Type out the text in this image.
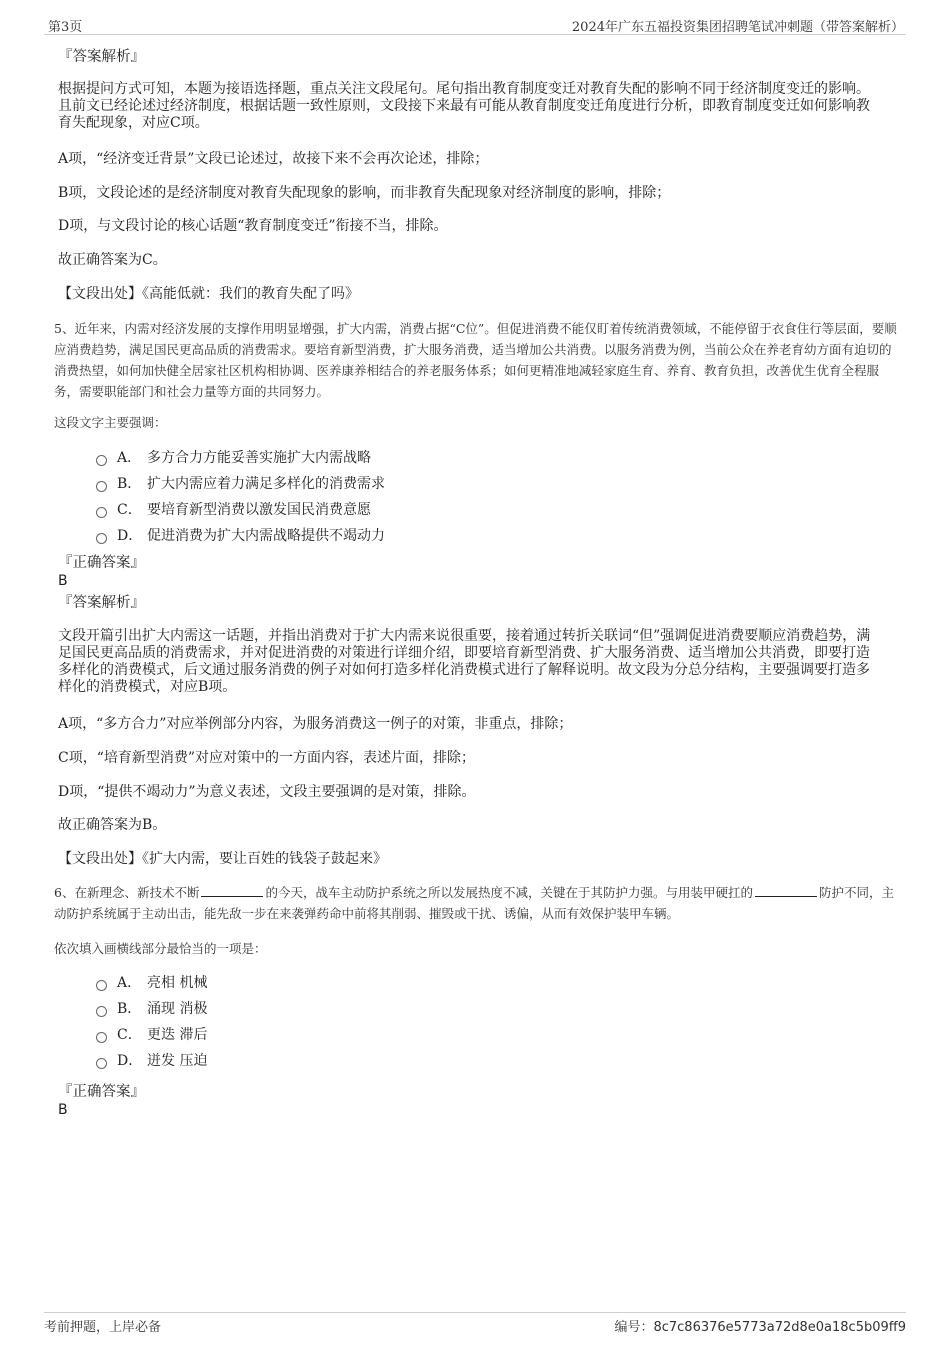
第3页	2024年广东五福投资集团招聘笔试冲刺题（带答案解析）
『答案解析』
根据提问方式可知，本题为接语选择题，重点关注文段尾句。尾句指出教育制度变迁对教育失配的影响不同于经济制度变迁的影响。且前文已经论述过经济制度，根据话题一致性原则，文段接下来最有可能从教育制度变迁角度进行分析，即教育制度变迁如何影响教育失配现象，对应C项。
A项，“经济变迁背景”文段已论述过，故接下来不会再次论述，排除；
B项，文段论述的是经济制度对教育失配现象的影响，而非教育失配现象对经济制度的影响，排除；
D项，与文段讨论的核心话题“教育制度变迁”衔接不当，排除。
故正确答案为C。
【文段出处】《高能低就：我们的教育失配了吗》
5、近年来，内需对经济发展的支撑作用明显增强，扩大内需，消费占据“C位”。但促进消费不能仅盯着传统消费领域，不能停留于衣食住行等层面，要顺应消费趋势，满足国民更高品质的消费需求。要培育新型消费，扩大服务消费，适当增加公共消费。以服务消费为例，当前公众在养老育幼方面有迫切的消费热望，如何加快健全居家社区机构相协调、医养康养相结合的养老服务体系；如何更精准地减轻家庭生育、养育、教育负担，改善优生优育全程服务，需要职能部门和社会力量等方面的共同努力。
这段文字主要强调：
A． 多方合力方能妥善实施扩大内需战略
B． 扩大内需应着力满足多样化的消费需求
C． 要培育新型消费以激发国民消费意愿
D． 促进消费为扩大内需战略提供不竭动力
『正确答案』
B
『答案解析』
文段开篇引出扩大内需这一话题，并指出消费对于扩大内需来说很重要，接着通过转折关联词“但”强调促进消费要顺应消费趋势，满足国民更高品质的消费需求，并对促进消费的对策进行详细介绍，即要培育新型消费、扩大服务消费、适当增加公共消费，即要打造多样化的消费模式，后文通过服务消费的例子对如何打造多样化消费模式进行了解释说明。故文段为分总分结构，主要强调要打造多样化的消费模式，对应B项。
A项，“多方合力”对应举例部分内容，为服务消费这一例子的对策，非重点，排除；
C项，“培育新型消费”对应对策中的一方面内容，表述片面，排除；
D项，“提供不竭动力”为意义表述，文段主要强调的是对策，排除。
故正确答案为B。
【文段出处】《扩大内需，要让百姓的钱袋子鼓起来》
6、在新理念、新技术不断	的今天，战车主动防护系统之所以发展热度不减，关键在于其防护力强。与用装甲硬扛的	防护不同，主动防护系统属于主动出击，能先敌一步在来袭弹药命中前将其削弱、摧毁或干扰、诱偏，从而有效保护装甲车辆。
依次填入画横线部分最恰当的一项是：
A． 亮相 机械
B． 涌现 消极
C． 更迭 滞后
D． 迸发 压迫
『正确答案』
B
考前押题，上岸必备	编号：8c7c86376e5773a72d8e0a18c5b09ff9
